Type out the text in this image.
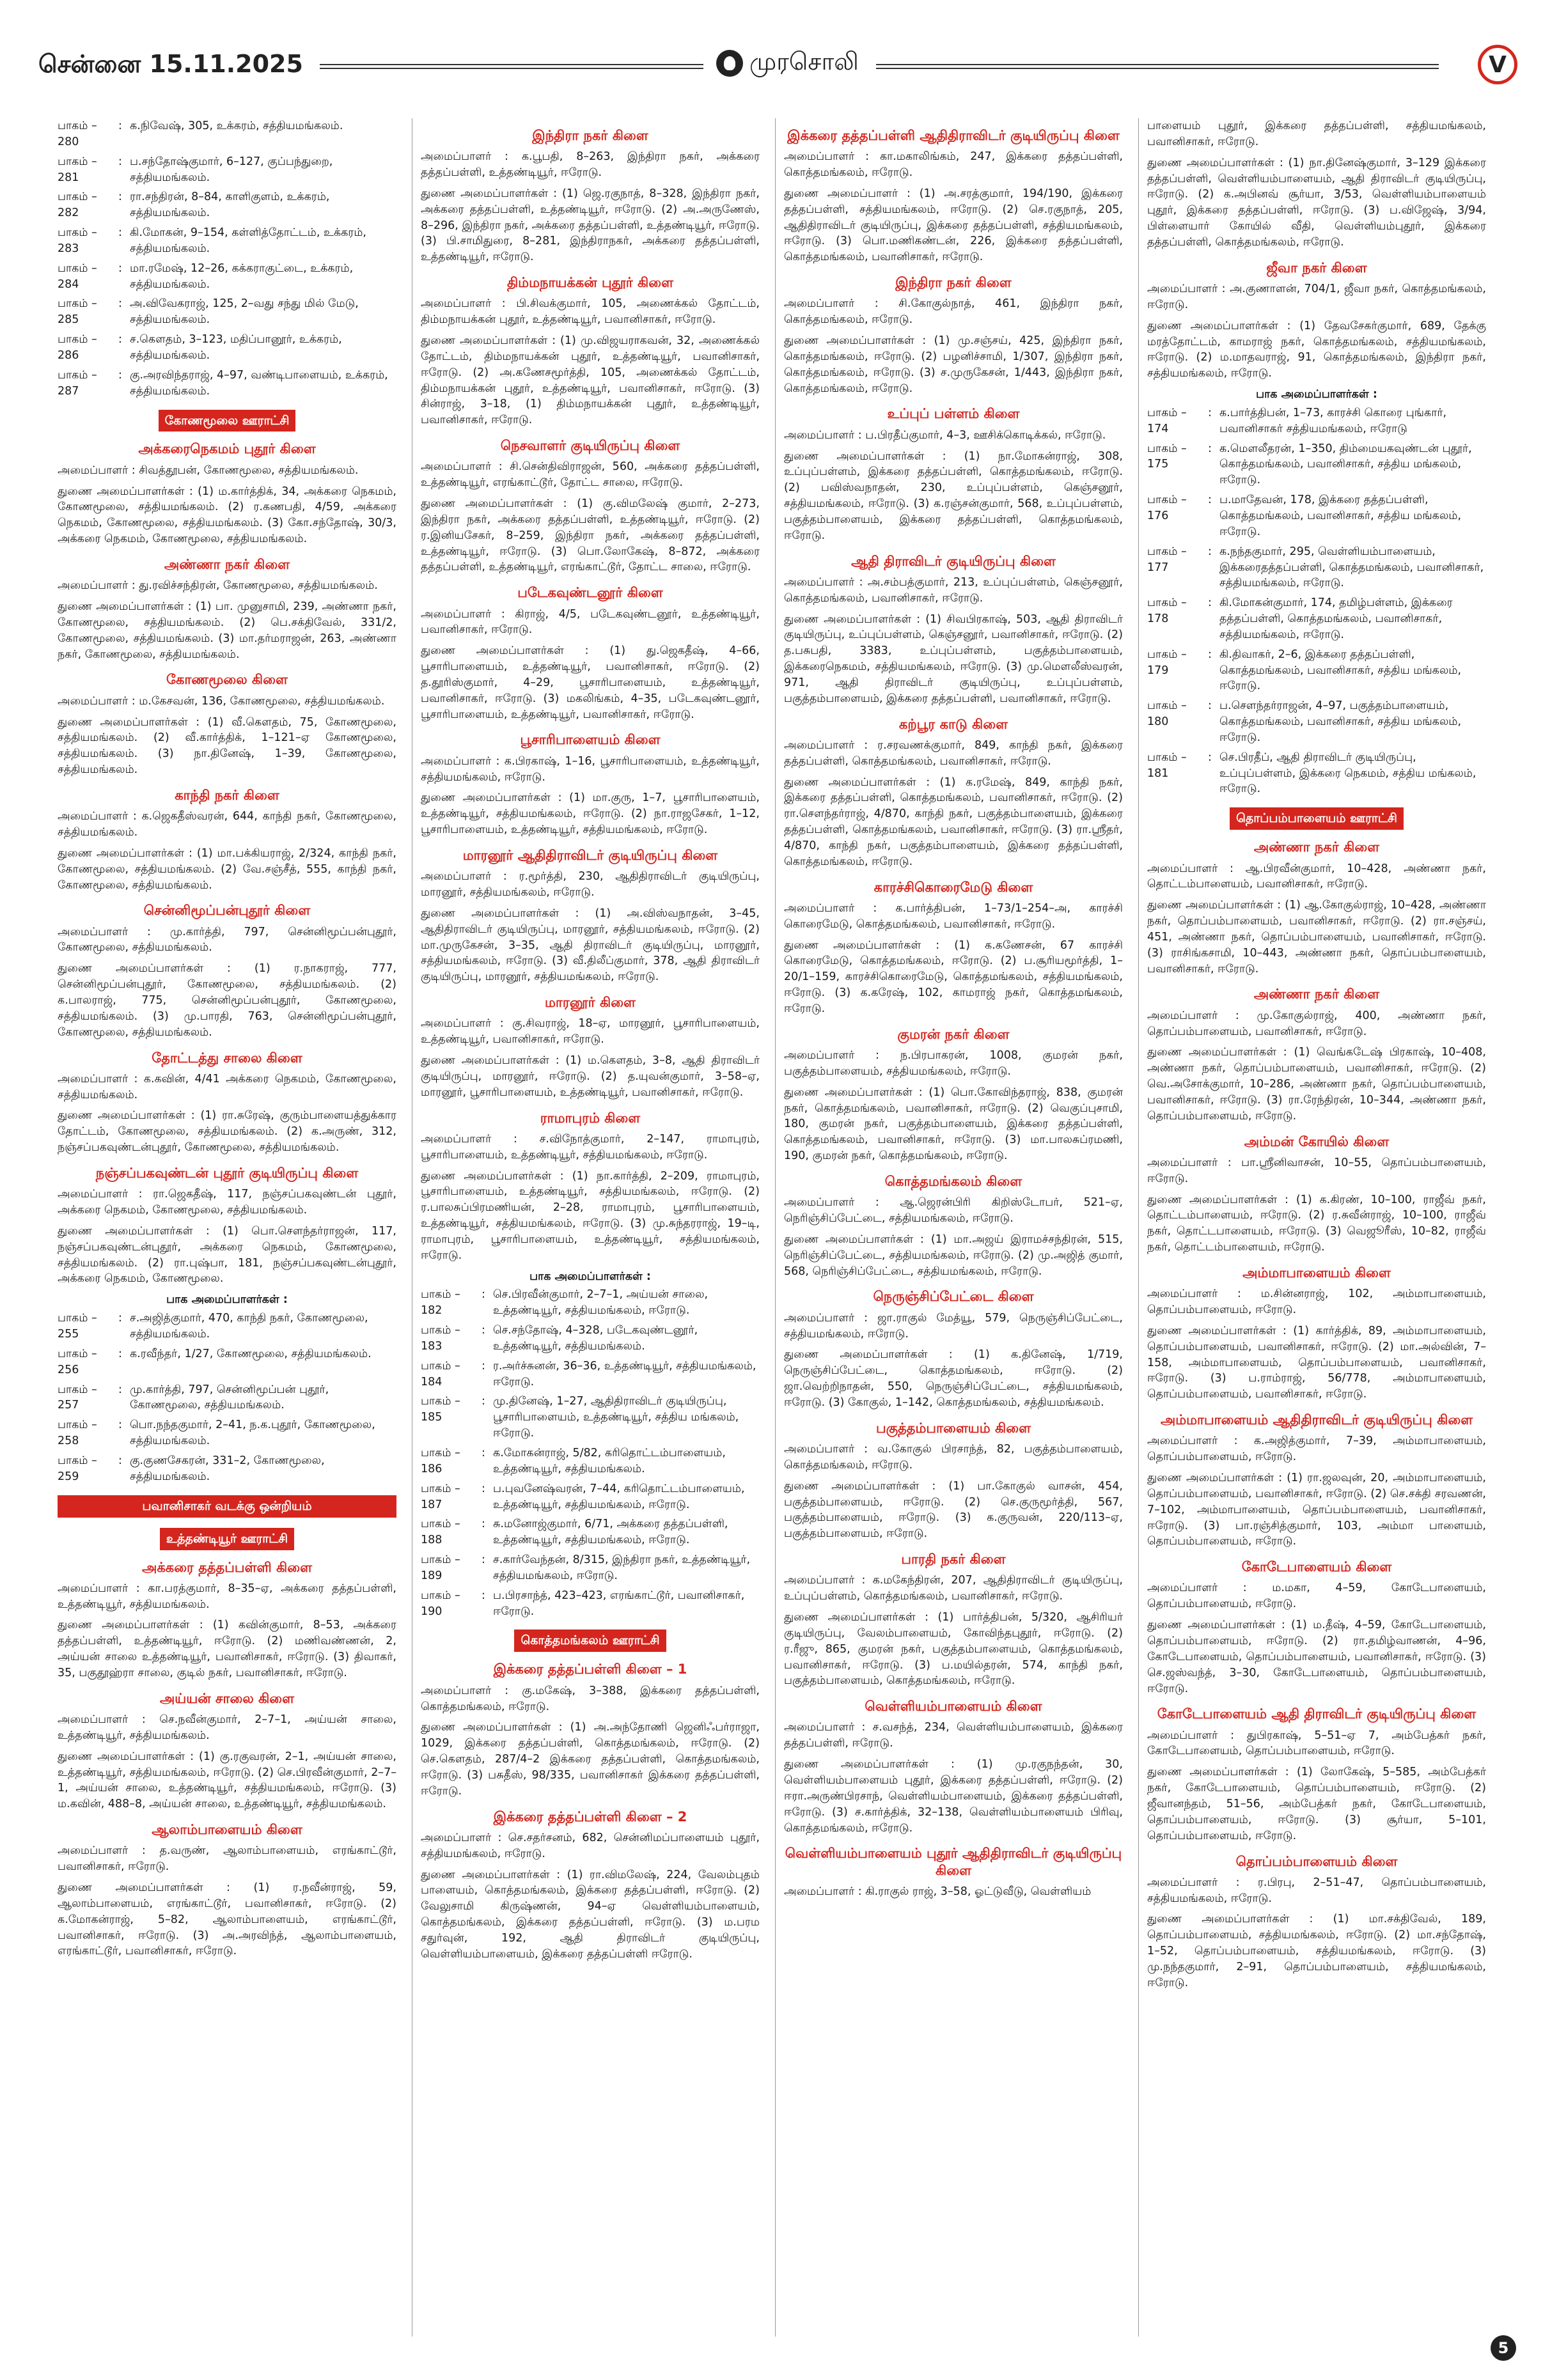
சென்னை 15.11.2025	முரசொலி	V
பாகம் – 280
: க.நிவேஷ், 305, உக்கரம், சத்தியமங்கலம்.
பாகம் – 281
: ப.சந்தோஷ்குமார், 6–127, குப்பந்துறை, சத்தியமங்கலம்.
பாகம் – 282
: ரா.சந்திரன், 8–84, காளிகுளம், உக்கரம், சத்தியமங்கலம்.
பாகம் – 283
: கி.மோகன், 9–154, கள்ளித்தோட்டம், உக்கரம், சத்தியமங்கலம்.
பாகம் – 284
: மா.ரமேஷ், 12–26, கக்கராகுட்டை, உக்கரம், சத்தியமங்கலம்.
பாகம் – 285
: அ.விவேகராஜ், 125, 2–வது சந்து மில் மேடு, சத்தியமங்கலம்.
பாகம் – 286
: ச.கௌதம், 3–123, மதிப்பானூர், உக்கரம், சத்தியமங்கலம்.
பாகம் – 287
: கு.அரவிந்தராஜ், 4–97, வண்டிபாளையம், உக்கரம், சத்தியமங்கலம்.
கோணமூலை ஊராட்சி
அக்கரைநெகமம் புதூர் கிளை

அமைப்பாளர் : சிவத்தூபன், கோணமூலை, சத்தியமங்கலம்.

துணை அமைப்பாளர்கள் : (1) ம.கார்த்திக், 34, அக்கரை நெகமம், கோணமூலை, சத்தியமங்கலம். (2) ர.கணபதி, 4/59, அக்கரை நெகமம், கோணமூலை, சத்தியமங்கலம். (3) கோ.சந்தோஷ், 30/3, அக்கரை நெகமம், கோணமூலை, சத்தியமங்கலம்.

அண்ணா நகர் கிளை

அமைப்பாளர் : து.ரவிச்சந்திரன், கோணமூலை, சத்தியமங்கலம்.

துணை அமைப்பாளர்கள் : (1) பா. முனுசாமி, 239, அண்ணா நகர், கோணமூலை, சத்தியமங்கலம். (2) பெ.சக்திவேல், 331/2, கோணமூலை, சத்தியமங்கலம். (3) மா.தர்மராஜன், 263, அண்ணா நகர், கோணமூலை, சத்தியமங்கலம்.

கோணமூலை கிளை

அமைப்பாளர் : ம.கேசவன், 136, கோணமூலை, சத்தியமங்கலம்.

துணை அமைப்பாளர்கள் : (1) வீ.கௌதம், 75, கோணமூலை, சத்தியமங்கலம். (2) வீ.கார்த்திக், 1–121–ஏ கோணமூலை, சத்தியமங்கலம். (3) நா.தினேஷ், 1–39, கோணமூலை, சத்தியமங்கலம்.

காந்தி நகர் கிளை

அமைப்பாளர் : க.ஜெகதீஸ்வரன், 644, காந்தி நகர், கோணமூலை, சத்தியமங்கலம்.

துணை அமைப்பாளர்கள் : (1) மா.பக்கியராஜ், 2/324, காந்தி நகர், கோணமூலை, சத்தியமங்கலம். (2) வே.சஞ்சீத், 555, காந்தி நகர், கோணமூலை, சத்தியமங்கலம்.

சென்னிமூப்பன்புதூர் கிளை

அமைப்பாளர் : மு.கார்த்தி, 797, சென்னிமூப்பன்புதூர், கோணமூலை, சத்தியமங்கலம்.

துணை அமைப்பாளர்கள் : (1) ர.நாகராஜ், 777, சென்னிமூப்பன்புதூர், கோணமூலை, சத்தியமங்கலம். (2) க.பாலராஜ், 775, சென்னிமூப்பன்புதூர், கோணமூலை, சத்தியமங்கலம். (3) மு.பாரதி, 763, சென்னிமூப்பன்புதூர், கோணமூலை, சத்தியமங்கலம்.

தோட்டத்து சாலை கிளை

அமைப்பாளர் : க.கவின், 4/41 அக்கரை நெகமம், கோணமூலை, சத்தியமங்கலம்.

துணை அமைப்பாளர்கள் : (1) ரா.சுரேஷ், குரும்பாளையத்துக்கார தோட்டம், கோணமூலை, சத்தியமங்கலம். (2) க.அருண், 312, நஞ்சப்பகவுண்டன்புதூர், கோணமூலை, சத்தியமங்கலம்.

நஞ்சப்பகவுண்டன் புதூர் குடியிருப்பு கிளை

அமைப்பாளர் : ரா.ஜெகதீஷ், 117, நஞ்சப்பகவுண்டன் புதூர், அக்கரை நெகமம், கோணமூலை, சத்தியமங்கலம்.

துணை அமைப்பாளர்கள் : (1) பொ.சௌந்தர்ராஜன், 117, நஞ்சப்பகவுண்டன்புதூர், அக்கரை நெகமம், கோணமூலை, சத்தியமங்கலம். (2) ரா.புஷ்பா, 181, நஞ்சப்பகவுண்டன்புதூர், அக்கரை நெகமம், கோணமூலை.

பாக அமைப்பாளர்கள் :
பாகம் – 255
: ச.அஜித்குமார், 470, காந்தி நகர், கோணமூலை, சத்தியமங்கலம்.
பாகம் – 256
: க.ரவீந்தர், 1/27, கோணமூலை, சத்தியமங்கலம்.
பாகம் – 257
: மு.கார்த்தி, 797, சென்னிமூப்பன் புதூர், கோணமூலை, சத்தியமங்கலம்.
பாகம் – 258
: பொ.நந்தகுமார், 2–41, ந.க.புதூர், கோணமூலை, சத்தியமங்கலம்.
பாகம் – 259
: கு.குணசேகரன், 331–2, கோணமூலை, சத்தியமங்கலம்.
பவானிசாகர் வடக்கு ஒன்றியம்
உத்தண்டியூர் ஊராட்சி
அக்கரை தத்தப்பள்ளி கிளை

அமைப்பாளர் : கா.பரத்குமார், 8–35–ஏ, அக்கரை தத்தப்பள்ளி, உத்தண்டியூர், சத்தியமங்கலம்.

துணை அமைப்பாளர்கள் : (1) கவின்குமார், 8–53, அக்கரை தத்தப்பள்ளி, உத்தண்டியூர், ஈரோடு. (2) மணிவண்ணன், 2, அய்யன் சாலை உத்தண்டியூர், பவானிசாகர், ஈரோடு. (3) திவாகர், 35, பகுதூஹ்ரா சாலை, குடில் நகர், பவானிசாகர், ஈரோடு.

அய்யன் சாலை கிளை

அமைப்பாளர் : செ.நவீன்குமார், 2–7–1, அய்யன் சாலை, உத்தண்டியூர், சத்தியமங்கலம்.

துணை அமைப்பாளர்கள் : (1) கு.ரகுவரன், 2–1, அய்யன் சாலை, உத்தண்டியூர், சத்தியமங்கலம், ஈரோடு. (2) செ.பிரவீன்குமார், 2–7–1, அய்யன் சாலை, உத்தண்டியூர், சத்தியமங்கலம், ஈரோடு. (3) ம.கவின், 488–8, அய்யன் சாலை, உத்தண்டியூர், சத்தியமங்கலம்.

ஆலாம்பாளையம் கிளை

அமைப்பாளர் : த.வருண், ஆலாம்பாளையம், எரங்காட்டூர், பவானிசாகர், ஈரோடு.

துணை அமைப்பாளர்கள் : (1) ர.நவீன்ராஜ், 59, ஆலாம்பாளையம், எரங்காட்டூர், பவானிசாகர், ஈரோடு. (2) க.மோகன்ராஜ், 5–82, ஆலாம்பாளையம், எரங்காட்டூர், பவானிசாகர், ஈரோடு. (3) அ.அரவிந்த், ஆலாம்பாளையம், எரங்காட்டூர், பவானிசாகர், ஈரோடு.

இந்திரா நகர் கிளை

அமைப்பாளர் : க.பூபதி, 8–263, இந்திரா நகர், அக்கரை தத்தப்பள்ளி, உத்தண்டியூர், ஈரோடு.

துணை அமைப்பாளர்கள் : (1) ஜெ.ரகுநாத், 8–328, இந்திரா நகர், அக்கரை தத்தப்பள்ளி, உத்தண்டியூர், ஈரோடு. (2) அ.அருணேஸ், 8–296, இந்திரா நகர், அக்கரை தத்தப்பள்ளி, உத்தண்டியூர், ஈரோடு. (3) பி.சாமிதுரை, 8–281, இந்திராநகர், அக்கரை தத்தப்பள்ளி, உத்தண்டியூர், ஈரோடு.

திம்மநாயக்கன் புதூர் கிளை

அமைப்பாளர் : பி.சிவக்குமார், 105, அணைக்கல் தோட்டம், திம்மநாயக்கன் புதூர், உத்தண்டியூர், பவானிசாகர், ஈரோடு.

துணை அமைப்பாளர்கள் : (1) மு.விஜயராகவன், 32, அணைக்கல் தோட்டம், திம்மநாயக்கன் புதூர், உத்தண்டியூர், பவானிசாகர், ஈரோடு. (2) அ.கணேசமூர்த்தி, 105, அணைக்கல் தோட்டம், திம்மநாயக்கன் புதூர், உத்தண்டியூர், பவானிசாகர், ஈரோடு. (3) சின்ராஜ், 3–18, (1) திம்மநாயக்கன் புதூர், உத்தண்டியூர், பவானிசாகர், ஈரோடு.

நெசவாளர் குடியிருப்பு கிளை

அமைப்பாளர் : சி.சென்திவிராஜன், 560, அக்கரை தத்தப்பள்ளி, உத்தண்டியூர், எரங்காட்டூர், தோட்ட சாலை, ஈரோடு.

துணை அமைப்பாளர்கள் : (1) கு.விமலேஷ் குமார், 2–273, இந்திரா நகர், அக்கரை தத்தப்பள்ளி, உத்தண்டியூர், ஈரோடு. (2) ர.இனியசேகர், 8–259, இந்திரா நகர், அக்கரை தத்தப்பள்ளி, உத்தண்டியூர், ஈரோடு. (3) பொ.லோகேஷ், 8–872, அக்கரை தத்தப்பள்ளி, உத்தண்டியூர், எரங்காட்டூர், தோட்ட சாலை, ஈரோடு.

படேகவுண்டனூர் கிளை

அமைப்பாளர் : கிராஜ், 4/5, படேகவுண்டனூர், உத்தண்டியூர், பவானிசாகர், ஈரோடு.

துணை அமைப்பாளர்கள் : (1) து.ஜெகதீஷ், 4–66, பூசாரிபாளையம், உத்தண்டியூர், பவானிசாகர், ஈரோடு. (2) த.தூரிஸ்குமார், 4–29, பூசாரிபாளையம், உத்தண்டியூர், பவானிசாகர், ஈரோடு. (3) மகலிங்கம், 4–35, படேகவுண்டனூர், பூசாரிபாளையம், உத்தண்டியூர், பவானிசாகர், ஈரோடு.

பூசாரிபாளையம் கிளை

அமைப்பாளர் : க.பிரகாஷ், 1–16, பூசாரிபாளையம், உத்தண்டியூர், சத்தியமங்கலம், ஈரோடு.

துணை அமைப்பாளர்கள் : (1) மா.குரு, 1–7, பூசாரிபாளையம், உத்தண்டியூர், சத்தியமங்கலம், ஈரோடு. (2) நா.ராஜசேகர், 1–12, பூசாரிபாளையம், உத்தண்டியூர், சத்தியமங்கலம், ஈரோடு.

மாரனூர் ஆதிதிராவிடர் குடியிருப்பு கிளை

அமைப்பாளர் : ர.மூர்த்தி, 230, ஆதிதிராவிடர் குடியிருப்பு, மாரனூர், சத்தியமங்கலம், ஈரோடு.

துணை அமைப்பாளர்கள் : (1) அ.விஸ்வநாதன், 3–45, ஆதிதிராவிடர் குடியிருப்பு, மாரனூர், சத்தியமங்கலம், ஈரோடு. (2) மா.முருகேசன், 3–35, ஆதி திராவிடர் குடியிருப்பு, மாரனூர், சத்தியமங்கலம், ஈரோடு. (3) வீ.திலீப்குமார், 378, ஆதி திராவிடர் குடியிருப்பு, மாரனூர், சத்தியமங்கலம், ஈரோடு.

மாரனூர் கிளை

அமைப்பாளர் : கு.சிவராஜ், 18–ஏ, மாரனூர், பூசாரிபாளையம், உத்தண்டியூர், பவானிசாகர், ஈரோடு.

துணை அமைப்பாளர்கள் : (1) ம.கௌதம், 3–8, ஆதி திராவிடர் குடியிருப்பு, மாரனூர், ஈரோடு. (2) த.யுவன்குமார், 3–58–ஏ, மாரனூர், பூசாரிபாளையம், உத்தண்டியூர், பவானிசாகர், ஈரோடு.

ராமாபுரம் கிளை

அமைப்பாளர் : ச.விநோத்குமார், 2–147, ராமாபுரம், பூசாரிபாளையம், உத்தண்டியூர், சத்தியமங்கலம், ஈரோடு.

துணை அமைப்பாளர்கள் : (1) நா.கார்த்தி, 2–209, ராமாபுரம், பூசாரிபாளையம், உத்தண்டியூர், சத்தியமங்கலம், ஈரோடு. (2) ர.பாலசுப்பிரமணியன், 2–28, ராமாபுரம், பூசாரிபாளையம், உத்தண்டியூர், சத்தியமங்கலம், ஈரோடு. (3) மு.சுந்தரராஜ், 19–டி, ராமாபுரம், பூசாரிபாளையம், உத்தண்டியூர், சத்தியமங்கலம், ஈரோடு.

பாக அமைப்பாளர்கள் :
பாகம் – 182
: செ.பிரவீன்குமார், 2–7–1, அய்யன் சாலை, உத்தண்டியூர், சத்தியமங்கலம், ஈரோடு.
பாகம் – 183
: செ.சந்தோஷ், 4–328, படேகவுண்டனூர், உத்தண்டியூர், சத்தியமங்கலம்.
பாகம் – 184
: ர.அர்ச்சுனன், 36–36, உத்தண்டியூர், சத்தியமங்கலம், ஈரோடு.
பாகம் – 185
: மு.தினேஷ், 1–27, ஆதிதிராவிடர் குடியிருப்பு, பூசாரிபாளையம், உத்தண்டியூர், சத்திய மங்கலம், ஈரோடு.
பாகம் – 186
: க.மோகன்ராஜ், 5/82, கரிதொட்டம்பாளையம், உத்தண்டியூர், சத்தியமங்கலம்.
பாகம் – 187
: ப.புவனேஷ்வரன், 7–44, கரிதொட்டம்பாளையம், உத்தண்டியூர், சத்தியமங்கலம், ஈரோடு.
பாகம் – 188
: சு.மனோஜ்குமார், 6/71, அக்கரை தத்தப்பள்ளி, உத்தண்டியூர், சத்தியமங்கலம், ஈரோடு.
பாகம் – 189
: ச.கார்வேந்தன், 8/315, இந்திரா நகர், உத்தண்டியூர், சத்தியமங்கலம், ஈரோடு.
பாகம் – 190
: ப.பிரசாந்த், 423–423, எரங்காட்டூர், பவானிசாகர், ஈரோடு.
கொத்தமங்கலம் ஊராட்சி
இக்கரை தத்தப்பள்ளி கிளை – 1

அமைப்பாளர் : கு.மகேஷ், 3–388, இக்கரை தத்தப்பள்ளி, கொத்தமங்கலம், ஈரோடு.

துணை அமைப்பாளர்கள் : (1) அ.அந்தோணி ஜெனிஃபர்ராஜா, 1029, இக்கரை தத்தப்பள்ளி, கொத்தமங்கலம், ஈரோடு. (2) செ.கௌதம், 287/4–2 இக்கரை தத்தப்பள்ளி, கொத்தமங்கலம், ஈரோடு. (3) பசுதீஸ், 98/335, பவானிசாகர் இக்கரை தத்தப்பள்ளி, ஈரோடு.

இக்கரை தத்தப்பள்ளி கிளை – 2

அமைப்பாளர் : செ.சதர்சனம், 682, சென்னிமப்பாளையம் புதூர், சத்தியமங்கலம், ஈரோடு.

துணை அமைப்பாளர்கள் : (1) ரா.விமலேஷ், 224, வேலம்புதம் பாளையம், கொத்தமங்கலம், இக்கரை தத்தப்பள்ளி, ஈரோடு. (2) வேலுசாமி கிருஷ்ணன், 94–ஏ வெள்ளியம்பாளையம், கொத்தமங்கலம், இக்கரை தத்தப்பள்ளி, ஈரோடு. (3) ம.பரம சதுர்வுன், 192, ஆதி திராவிடர் குடியிருப்பு, வெள்ளியம்பாளையம், இக்கரை தத்தப்பள்ளி ஈரோடு.

இக்கரை தத்தப்பள்ளி ஆதிதிராவிடர் குடியிருப்பு கிளை

அமைப்பாளர் : கா.மகாலிங்கம், 247, இக்கரை தத்தப்பள்ளி, கொத்தமங்கலம், ஈரோடு.

துணை அமைப்பாளர் : (1) அ.சரத்குமார், 194/190, இக்கரை தத்தப்பள்ளி, சத்தியமங்கலம், ஈரோடு. (2) செ.ரகுநாத், 205, ஆதிதிராவிடர் குடியிருப்பு, இக்கரை தத்தப்பள்ளி, சத்தியமங்கலம், ஈரோடு. (3) பொ.மணிகண்டன், 226, இக்கரை தத்தப்பள்ளி, கொத்தமங்கலம், பவானிசாகர், ஈரோடு.

இந்திரா நகர் கிளை

அமைப்பாளர் : சி.கோகுல்நாத், 461, இந்திரா நகர், கொத்தமங்கலம், ஈரோடு.

துணை அமைப்பாளர்கள் : (1) மு.சஞ்சய், 425, இந்திரா நகர், கொத்தமங்கலம், ஈரோடு. (2) பழனிச்சாமி, 1/307, இந்திரா நகர், கொத்தமங்கலம், ஈரோடு. (3) ச.முருகேசன், 1/443, இந்திரா நகர், கொத்தமங்கலம், ஈரோடு.

உப்புப் பள்ளம் கிளை

அமைப்பாளர் : ப.பிரதீப்குமார், 4–3, ஊசிக்கொடிக்கல், ஈரோடு.

துணை அமைப்பாளர்கள் : (1) நா.மோகன்ராஜ், 308, உப்புப்பள்ளம், இக்கரை தத்தப்பள்ளி, கொத்தமங்கலம், ஈரோடு. (2) பவிஸ்வநாதன், 230, உப்புப்பள்ளம், கெஞ்சனூர், சத்தியமங்கலம், ஈரோடு. (3) க.ரஞ்சன்குமார், 568, உப்புப்பள்ளம், பகுத்தம்பாளையம், இக்கரை தத்தப்பள்ளி, கொத்தமங்கலம், ஈரோடு.

ஆதி திராவிடர் குடியிருப்பு கிளை

அமைப்பாளர் : அ.சம்பத்குமார், 213, உப்புப்பள்ளம், கெஞ்சனூர், கொத்தமங்கலம், பவானிசாகர், ஈரோடு.

துணை அமைப்பாளர்கள் : (1) சிவபிரகாஷ், 503, ஆதி திராவிடர் குடியிருப்பு, உப்புப்பள்ளம், கெஞ்சனூர், பவானிசாகர், ஈரோடு. (2) த.பசுபதி, 3383, உப்புப்பள்ளம், பகுத்தம்பாளையம், இக்கரைநெகமம், சத்தியமங்கலம், ஈரோடு. (3) மு.மௌலீஸ்வரன், 971, ஆதி திராவிடர் குடியிருப்பு, உப்புப்பள்ளம், பகுத்தம்பாளையம், இக்கரை தத்தப்பள்ளி, பவானிசாகர், ஈரோடு.

கற்பூர காடு கிளை

அமைப்பாளர் : ர.சரவணக்குமார், 849, காந்தி நகர், இக்கரை தத்தப்பள்ளி, கொத்தமங்கலம், பவானிசாகர், ஈரோடு.

துணை அமைப்பாளர்கள் : (1) க.ரமேஷ், 849, காந்தி நகர், இக்கரை தத்தப்பள்ளி, கொத்தமங்கலம், பவானிசாகர், ஈரோடு. (2) ரா.சௌந்தர்ராஜ், 4/870, காந்தி நகர், பகுத்தம்பாளையம், இக்கரை தத்தப்பள்ளி, கொத்தமங்கலம், பவானிசாகர், ஈரோடு. (3) ரா.ஸ்ரீதர், 4/870, காந்தி நகர், பகுத்தம்பாளையம், இக்கரை தத்தப்பள்ளி, கொத்தமங்கலம், ஈரோடு.

காரச்சிகொரைமேடு கிளை

அமைப்பாளர் : க.பார்த்திபன், 1–73/1–254–அ, காரச்சி கொரைமேடு, கொத்தமங்கலம், பவானிசாகர், ஈரோடு.

துணை அமைப்பாளர்கள் : (1) க.கணேசன், 67 காரச்சி கொரைமேடு, கொத்தமங்கலம், ஈரோடு. (2) ப.சூரியமூர்த்தி, 1–20/1–159, காரச்சிகொரைமேடு, கொத்தமங்கலம், சத்தியமங்கலம், ஈரோடு. (3) க.கரேஷ், 102, காமராஜ் நகர், கொத்தமங்கலம், ஈரோடு.

குமரன் நகர் கிளை

அமைப்பாளர் : ந.பிரபாகரன், 1008, குமரன் நகர், பகுத்தம்பாளையம், சத்தியமங்கலம், ஈரோடு.

துணை அமைப்பாளர்கள் : (1) பொ.கோவிந்தராஜ், 838, குமரன் நகர், கொத்தமங்கலம், பவானிசாகர், ஈரோடு. (2) வெகுப்புசாமி, 180, குமரன் நகர், பகுத்தம்பாளையம், இக்கரை தத்தப்பள்ளி, கொத்தமங்கலம், பவானிசாகர், ஈரோடு. (3) மா.பாலசுப்ரமணி, 190, குமரன் நகர், கொத்தமங்கலம், ஈரோடு.

கொத்தமங்கலம் கிளை

அமைப்பாளர் : ஆ.ஜெரன்பிரி கிறிஸ்டோபர், 521–ஏ, நெரிஞ்சிப்பேட்டை, சத்தியமங்கலம், ஈரோடு.

துணை அமைப்பாளர்கள் : (1) மா.அஜய் இராமச்சந்திரன், 515, நெரிஞ்சிப்பேட்டை, சத்தியமங்கலம், ஈரோடு. (2) மு.அஜித் குமார், 568, நெரிஞ்சிப்பேட்டை, சத்தியமங்கலம், ஈரோடு.

நெருஞ்சிப்பேட்டை கிளை

அமைப்பாளர் : ஜா.ராகுல் மேத்யூ, 579, நெருஞ்சிப்பேட்டை, சத்தியமங்கலம், ஈரோடு.

துணை அமைப்பாளர்கள் : (1) க.தினேஷ், 1/719, நெருஞ்சிப்பேட்டை, கொத்தமங்கலம், ஈரோடு. (2) ஜா.வெற்றிநாதன், 550, நெருஞ்சிப்பேட்டை, சத்தியமங்கலம், ஈரோடு. (3) கோகுல், 1–142, கொத்தமங்கலம், சத்தியமங்கலம்.

பகுத்தம்பாளையம் கிளை

அமைப்பாளர் : வ.கோகுல் பிரசாந்த், 82, பகுத்தம்பாளையம், கொத்தமங்கலம், ஈரோடு.

துணை அமைப்பாளர்கள் : (1) பா.கோகுல் வாசன், 454, பகுத்தம்பாளையம், ஈரோடு. (2) செ.குருமூர்த்தி, 567, பகுத்தம்பாளையம், ஈரோடு. (3) க.குருவன், 220/113–ஏ, பகுத்தம்பாளையம், ஈரோடு.

பாரதி நகர் கிளை

அமைப்பாளர் : க.மகேந்திரன், 207, ஆதிதிராவிடர் குடியிருப்பு, உப்புப்பள்ளம், கொத்தமங்கலம், பவானிசாகர், ஈரோடு.

துணை அமைப்பாளர்கள் : (1) பார்த்திபன், 5/320, ஆசிரியர் குடியிருப்பு, வேலம்பாளையம், கோவிந்தபுதூர், ஈரோடு. (2) ர.ரீஜு, 865, குமரன் நகர், பகுத்தம்பாளையம், கொத்தமங்கலம், பவானிசாகர், ஈரோடு. (3) ப.மயில்தரன், 574, காந்தி நகர், பகுத்தம்பாளையம், கொத்தமங்கலம், ஈரோடு.

வெள்ளியம்பாளையம் கிளை

அமைப்பாளர் : ச.வசந்த், 234, வெள்ளியம்பாளையம், இக்கரை தத்தப்பள்ளி, ஈரோடு.

துணை அமைப்பாளர்கள் : (1) மு.ரகுநந்தன், 30, வெள்ளியம்பாளையம் புதூர், இக்கரை தத்தப்பள்ளி, ஈரோடு. (2) ஈரா.அருண்பிரசாந், வெள்ளியம்பாளையம், இக்கரை தத்தப்பள்ளி, ஈரோடு. (3) ச.கார்த்திக், 32–138, வெள்ளியம்பாளையம் பிரிவு, கொத்தமங்கலம், ஈரோடு.

வெள்ளியம்பாளையம் புதூர் ஆதிதிராவிடர் குடியிருப்பு கிளை

அமைப்பாளர் : கி.ராகுல் ராஜ், 3–58, ஓட்டுவீடு, வெள்ளியம்

பாளையம் புதூர், இக்கரை தத்தப்பள்ளி, சத்தியமங்கலம், பவானிசாகர், ஈரோடு.

துணை அமைப்பாளர்கள் : (1) நா.தினேஷ்குமார், 3–129 இக்கரை தத்தப்பள்ளி, வெள்ளியம்பாளையம், ஆதி திராவிடர் குடியிருப்பு, ஈரோடு. (2) க.அபினவ் சூர்யா, 3/53, வெள்ளியம்பாளையம் புதூர், இக்கரை தத்தப்பள்ளி, ஈரோடு. (3) ப.விஜேஷ், 3/94, பிள்ளையார் கோயில் வீதி, வெள்ளியம்புதூர், இக்கரை தத்தப்பள்ளி, கொத்தமங்கலம், ஈரோடு.

ஜீவா நகர் கிளை

அமைப்பாளர் : அ.குணாளன், 704/1, ஜீவா நகர், கொத்தமங்கலம், ஈரோடு.

துணை அமைப்பாளர்கள் : (1) தேவசேகர்குமார், 689, தேக்கு மரத்தோட்டம், காமராஜ் நகர், கொத்தமங்கலம், சத்தியமங்கலம், ஈரோடு. (2) ம.மாதவராஜ், 91, கொத்தமங்கலம், இந்திரா நகர், சத்தியமங்கலம், ஈரோடு.

பாக அமைப்பாளர்கள் :
பாகம் – 174
: க.பார்த்திபன், 1–73, காரச்சி கொரை புங்கார், பவானிசாகர் சத்தியமங்கலம், ஈரோடு
பாகம் – 175
: க.மௌலீதரன், 1–350, திம்மையகவுண்டன் புதூர், கொத்தமங்கலம், பவானிசாகர், சத்திய மங்கலம், ஈரோடு.
பாகம் – 176
: ப.மாதேவன், 178, இக்கரை தத்தப்பள்ளி, கொத்தமங்கலம், பவானிசாகர், சத்திய மங்கலம், ஈரோடு.
பாகம் – 177
: க.நந்தகுமார், 295, வெள்ளியம்பாளையம், இக்கரைதத்தப்பள்ளி, கொத்தமங்கலம், பவானிசாகர், சத்தியமங்கலம், ஈரோடு.
பாகம் – 178
: கி.மோகன்குமார், 174, தமிழ்பள்ளம், இக்கரை தத்தப்பள்ளி, கொத்தமங்கலம், பவானிசாகர், சத்தியமங்கலம், ஈரோடு.
பாகம் – 179
: கி.திவாகர், 2–6, இக்கரை தத்தப்பள்ளி, கொத்தமங்கலம், பவானிசாகர், சத்திய மங்கலம், ஈரோடு.
பாகம் – 180
: ப.சௌந்தர்ராஜன், 4–97, பகுத்தம்பாளையம், கொத்தமங்கலம், பவானிசாகர், சத்திய மங்கலம், ஈரோடு.
பாகம் – 181
: செ.பிரதீப், ஆதி திராவிடர் குடியிருப்பு, உப்புப்பள்ளம், இக்கரை நெகமம், சத்திய மங்கலம், ஈரோடு.
தொப்பம்பாளையம் ஊராட்சி
அண்ணா நகர் கிளை

அமைப்பாளர் : ஆ.பிரவீன்குமார், 10–428, அண்ணா நகர், தொட்டம்பாளையம், பவானிசாகர், ஈரோடு.

துணை அமைப்பாளர்கள் : (1) ஆ.கோகுல்ராஜ், 10–428, அண்ணா நகர், தொப்பம்பாளையம், பவானிசாகர், ஈரோடு. (2) ரா.சஞ்சய், 451, அண்ணா நகர், தொப்பம்பாளையம், பவானிசாகர், ஈரோடு. (3) ராசிங்கசாமி, 10–443, அண்ணா நகர், தொப்பம்பாளையம், பவானிசாகர், ஈரோடு.

அண்ணா நகர் கிளை

அமைப்பாளர் : மு.கோகுல்ராஜ், 400, அண்ணா நகர், தொப்பம்பாளையம், பவானிசாகர், ஈரோடு.

துணை அமைப்பாளர்கள் : (1) வெங்கடேஷ் பிரகாஷ், 10–408, அண்ணா நகர், தொப்பம்பாளையம், பவானிசாகர், ஈரோடு. (2) வெ.அசோக்குமார், 10–286, அண்ணா நகர், தொப்பம்பாளையம், பவானிசாகர், ஈரோடு. (3) ரா.ரேந்திரன், 10–344, அண்ணா நகர், தொப்பம்பாளையம், ஈரோடு.

அம்மன் கோயில் கிளை

அமைப்பாளர் : பா.ஸ்ரீனிவாசன், 10–55, தொப்பம்பாளையம், ஈரோடு.

துணை அமைப்பாளர்கள் : (1) க.கிரண், 10–100, ராஜீவ் நகர், தொட்டம்பாளையம், ஈரோடு. (2) ர.சுவீன்ராஜ், 10–100, ராஜீவ் நகர், தொட்டபாளையம், ஈரோடு. (3) வெஜூரீஸ், 10–82, ராஜீவ் நகர், தொட்டம்பாளையம், ஈரோடு.

அம்மாபாளையம் கிளை

அமைப்பாளர் : ம.சின்னராஜ், 102, அம்மாபாளையம், தொப்பம்பாளையம், ஈரோடு.

துணை அமைப்பாளர்கள் : (1) கார்த்திக், 89, அம்மாபாளையம், தொப்பம்பாளையம், பவானிசாகர், ஈரோடு. (2) மா.அல்வின், 7–158, அம்மாபாளையம், தொப்பம்பாளையம், பவானிசாகர், ஈரோடு. (3) ப.ராம்ராஜ், 56/778, அம்மாபாளையம், தொப்பம்பாளையம், பவானிசாகர், ஈரோடு.

அம்மாபாளையம் ஆதிதிராவிடர் குடியிருப்பு கிளை

அமைப்பாளர் : க.அஜித்குமார், 7–39, அம்மாபாளையம், தொப்பம்பாளையம், ஈரோடு.

துணை அமைப்பாளர்கள் : (1) ரா.ஜலவுன், 20, அம்மாபாளையம், தொப்பம்பாளையம், பவானிசாகர், ஈரோடு. (2) செ.சக்தி சரவணன், 7–102, அம்மாபாளையம், தொப்பம்பாளையம், பவானிசாகர், ஈரோடு. (3) பா.ரஞ்சித்குமார், 103, அம்மா பாளையம், தொப்பம்பாளையம், ஈரோடு.

கோடேபாளையம் கிளை

அமைப்பாளர் : ம.மகா, 4–59, கோடேபாளையம், தொப்பம்பாளையம், ஈரோடு.

துணை அமைப்பாளர்கள் : (1) ம.தீஷ், 4–59, கோடேபாளையம், தொப்பம்பாளையம், ஈரோடு. (2) ரா.தமிழ்வாணன், 4–96, கோடேபாளையம், தொப்பம்பாளையம், பவானிசாகர், ஈரோடு. (3) செ.ஜஸ்வந்த், 3–30, கோடேபாளையம், தொப்பம்பாளையம், ஈரோடு.

கோடேபாளையம் ஆதி திராவிடர் குடியிருப்பு கிளை

அமைப்பாளர் : துபிரகாஷ், 5–51–ஏ 7, அம்பேத்கர் நகர், கோடேபாளையம், தொப்பம்பாளையம், ஈரோடு.

துணை அமைப்பாளர்கள் : (1) லோகேஷ், 5–585, அம்பேத்கர் நகர், கோடேபாளையம், தொப்பம்பாளையம், ஈரோடு. (2) ஜீவானந்தம், 51–56, அம்பேத்கர் நகர், கோடேபாளையம், தொப்பம்பாளையம், ஈரோடு. (3) சூர்யா, 5–101, தொப்பம்பாளையம், ஈரோடு.

தொப்பம்பாளையம் கிளை

அமைப்பாளர் : ர.பிரபு, 2–51–47, தொப்பம்பாளையம், சத்தியமங்கலம், ஈரோடு.

துணை அமைப்பாளர்கள் : (1) மா.சக்திவேல், 189, தொப்பம்பாளையம், சத்தியமங்கலம், ஈரோடு. (2) மா.சந்தோஷ், 1–52, தொப்பம்பாளையம், சத்தியமங்கலம், ஈரோடு. (3) மு.நந்தகுமார், 2–91, தொப்பம்பாளையம், சத்தியமங்கலம், ஈரோடு.

5
